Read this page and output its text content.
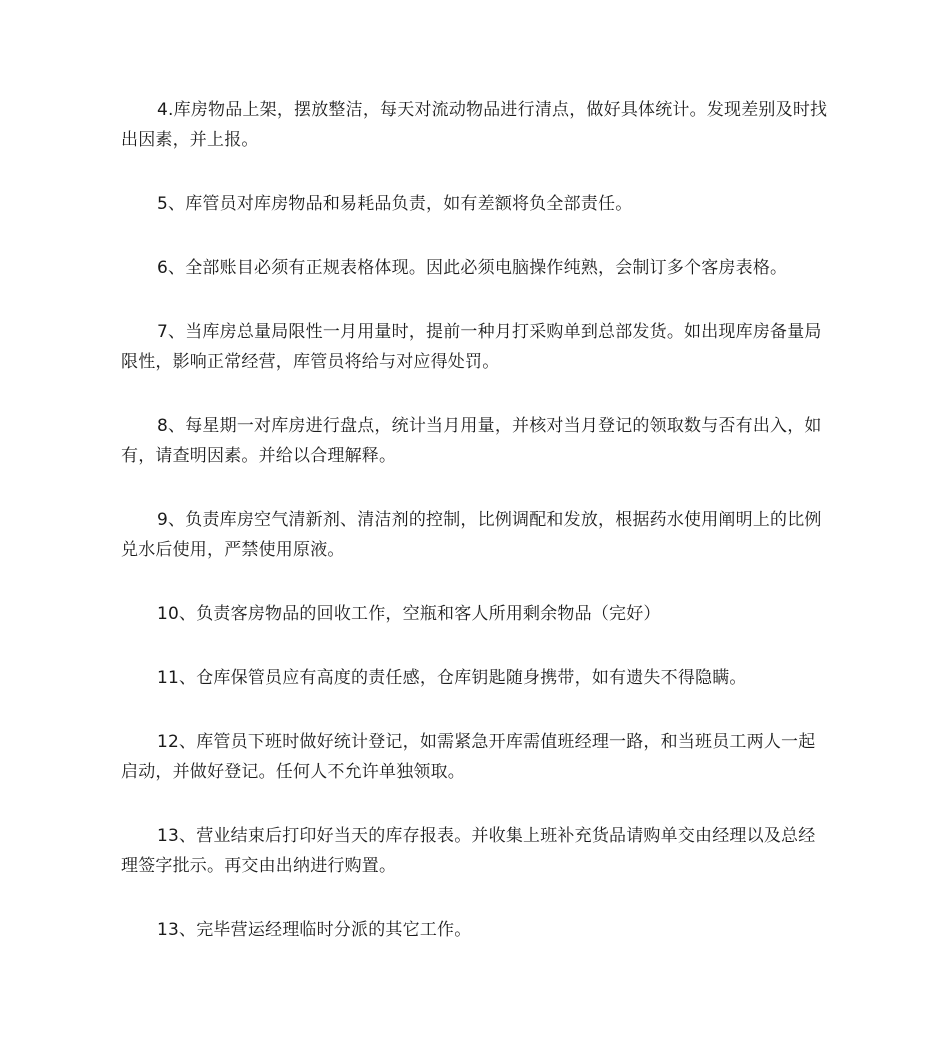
4.库房物品上架，摆放整洁，每天对流动物品进行清点，做好具体统计。发现差别及时找出因素，并上报。

5、库管员对库房物品和易耗品负责，如有差额将负全部责任。

6、全部账目必须有正规表格体现。因此必须电脑操作纯熟，会制订多个客房表格。

7、当库房总量局限性一月用量时，提前一种月打采购单到总部发货。如出现库房备量局限性，影响正常经营，库管员将给与对应得处罚。

8、每星期一对库房进行盘点，统计当月用量，并核对当月登记的领取数与否有出入，如有，请查明因素。并给以合理解释。

9、负责库房空气清新剂、清洁剂的控制，比例调配和发放，根据药水使用阐明上的比例兑水后使用，严禁使用原液。

10、负责客房物品的回收工作，空瓶和客人所用剩余物品（完好）

11、仓库保管员应有高度的责任感，仓库钥匙随身携带，如有遗失不得隐瞒。

12、库管员下班时做好统计登记，如需紧急开库需值班经理一路，和当班员工两人一起启动，并做好登记。任何人不允许单独领取。

13、营业结束后打印好当天的库存报表。并收集上班补充货品请购单交由经理以及总经理签字批示。再交由出纳进行购置。

13、完毕营运经理临时分派的其它工作。
